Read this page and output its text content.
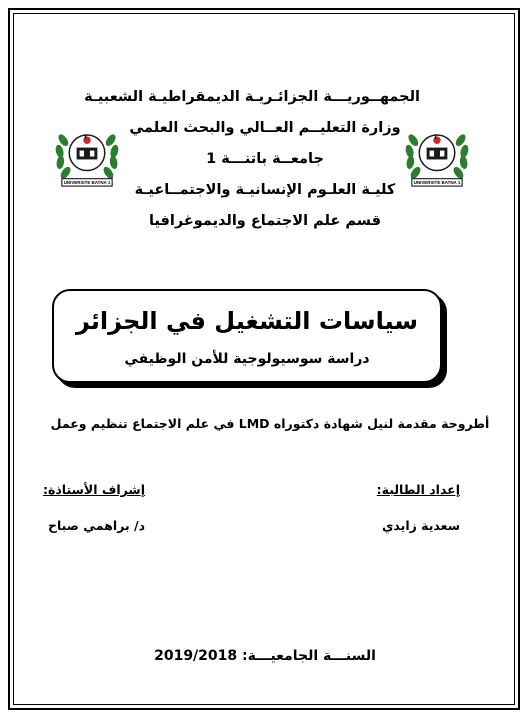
الجمهــوريـــة الجزائـريـة الديمقراطيـة الشعبيـة
وزارة التعليــم العــالي والبحث العلمي
جامعــة باتنـــة 1
كليـة العلـوم الإنسانيـة والاجتمــاعيـة
قسم علم الاجتماع والديموغرافيا
UNIVERSITE BATNA 1	UNIVERSITE BATNA 1
سياسات التشغيل في الجزائر
دراسة سوسيولوجية للأمن الوظيفي
أطروحة مقدمة لنيل شهادة دكتوراه LMD في علم الاجتماع تنظيم وعمل
إعداد الطالبة:
سعدية زايدي
إشراف الأستاذة:
د/ براهمي صباح
السنـــة الجامعيـــة: 2019/2018
